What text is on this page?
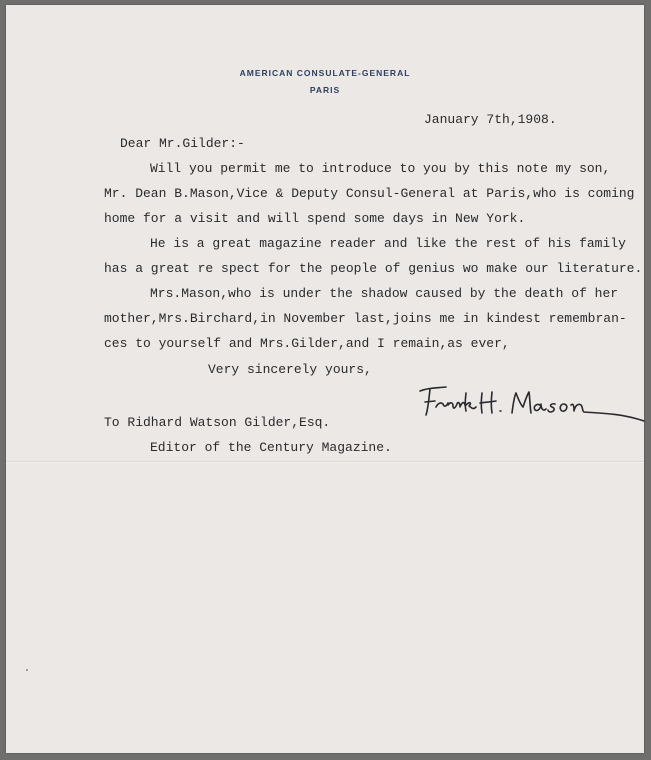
AMERICAN CONSULATE-GENERAL
PARIS
January 7th,1908.
Dear Mr.Gilder:-
Will you permit me to introduce to you by this note my son,
Mr. Dean B.Mason,Vice & Deputy Consul-General at Paris,who is coming
home for a visit and will spend some days in New York.
He is a great magazine reader and like the rest of his family
has a great re spect for the people of genius wo make our literature.
Mrs.Mason,who is under the shadow caused by the death of her
mother,Mrs.Birchard,in November last,joins me in kindest remembran-
ces to yourself and Mrs.Gilder,and I remain,as ever,
Very sincerely yours,
To Ridhard Watson Gilder,Esq.
Editor of the Century Magazine.
